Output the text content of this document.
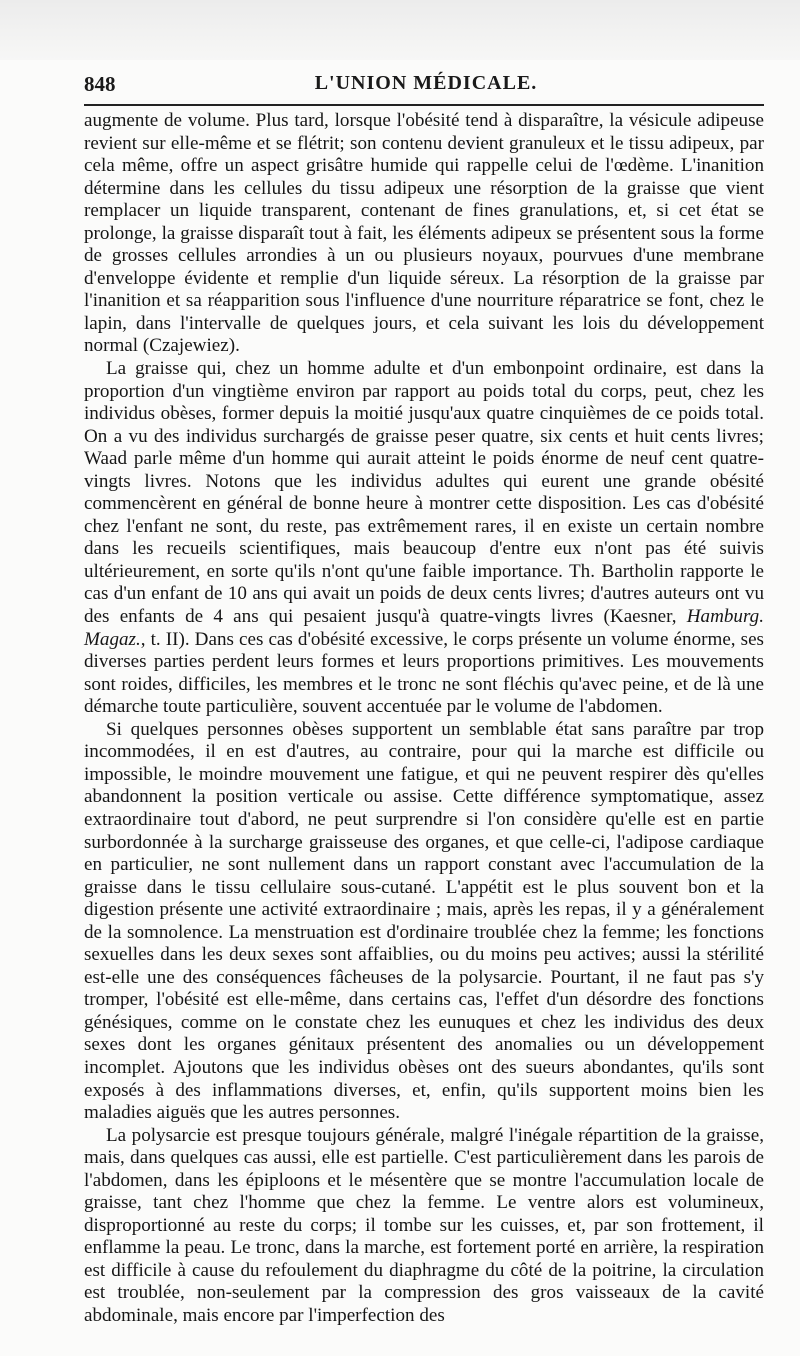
848	L'UNION MÉDICALE.

augmente de volume. Plus tard, lorsque l'obésité tend à disparaître, la vésicule adipeuse revient sur elle-même et se flétrit; son contenu devient granuleux et le tissu adipeux, par cela même, offre un aspect grisâtre humide qui rappelle celui de l'œdème. L'inanition détermine dans les cellules du tissu adipeux une résorption de la graisse que vient remplacer un liquide transparent, contenant de fines granulations, et, si cet état se prolonge, la graisse disparaît tout à fait, les éléments adipeux se présentent sous la forme de grosses cellules arrondies à un ou plusieurs noyaux, pourvues d'une membrane d'enveloppe évidente et remplie d'un liquide séreux. La résorption de la graisse par l'inanition et sa réapparition sous l'influence d'une nourriture réparatrice se font, chez le lapin, dans l'intervalle de quelques jours, et cela suivant les lois du développement normal (Czajewiez).

La graisse qui, chez un homme adulte et d'un embonpoint ordinaire, est dans la proportion d'un vingtième environ par rapport au poids total du corps, peut, chez les individus obèses, former depuis la moitié jusqu'aux quatre cinquièmes de ce poids total. On a vu des individus surchargés de graisse peser quatre, six cents et huit cents livres; Waad parle même d'un homme qui aurait atteint le poids énorme de neuf cent quatre-vingts livres. Notons que les individus adultes qui eurent une grande obésité commencèrent en général de bonne heure à montrer cette disposition. Les cas d'obésité chez l'enfant ne sont, du reste, pas extrêmement rares, il en existe un certain nombre dans les recueils scientifiques, mais beaucoup d'entre eux n'ont pas été suivis ultérieurement, en sorte qu'ils n'ont qu'une faible importance. Th. Bartholin rapporte le cas d'un enfant de 10 ans qui avait un poids de deux cents livres; d'autres auteurs ont vu des enfants de 4 ans qui pesaient jusqu'à quatre-vingts livres (Kaesner, Hamburg. Magaz., t. II). Dans ces cas d'obésité excessive, le corps présente un volume énorme, ses diverses parties perdent leurs formes et leurs proportions primitives. Les mouvements sont roides, difficiles, les membres et le tronc ne sont fléchis qu'avec peine, et de là une démarche toute particulière, souvent accentuée par le volume de l'abdomen.

Si quelques personnes obèses supportent un semblable état sans paraître par trop incommodées, il en est d'autres, au contraire, pour qui la marche est difficile ou impossible, le moindre mouvement une fatigue, et qui ne peuvent respirer dès qu'elles abandonnent la position verticale ou assise. Cette différence symptomatique, assez extraordinaire tout d'abord, ne peut surprendre si l'on considère qu'elle est en partie surbordonnée à la surcharge graisseuse des organes, et que celle-ci, l'adipose cardiaque en particulier, ne sont nullement dans un rapport constant avec l'accumulation de la graisse dans le tissu cellulaire sous-cutané. L'appétit est le plus souvent bon et la digestion présente une activité extraordinaire ; mais, après les repas, il y a généralement de la somnolence. La menstruation est d'ordinaire troublée chez la femme; les fonctions sexuelles dans les deux sexes sont affaiblies, ou du moins peu actives; aussi la stérilité est-elle une des conséquences fâcheuses de la polysarcie. Pourtant, il ne faut pas s'y tromper, l'obésité est elle-même, dans certains cas, l'effet d'un désordre des fonctions génésiques, comme on le constate chez les eunuques et chez les individus des deux sexes dont les organes génitaux présentent des anomalies ou un développement incomplet. Ajoutons que les individus obèses ont des sueurs abondantes, qu'ils sont exposés à des inflammations diverses, et, enfin, qu'ils supportent moins bien les maladies aiguës que les autres personnes.

La polysarcie est presque toujours générale, malgré l'inégale répartition de la graisse, mais, dans quelques cas aussi, elle est partielle. C'est particulièrement dans les parois de l'abdomen, dans les épiploons et le mésentère que se montre l'accumulation locale de graisse, tant chez l'homme que chez la femme. Le ventre alors est volumineux, disproportionné au reste du corps; il tombe sur les cuisses, et, par son frottement, il enflamme la peau. Le tronc, dans la marche, est fortement porté en arrière, la respiration est difficile à cause du refoulement du diaphragme du côté de la poitrine, la circulation est troublée, non-seulement par la compression des gros vaisseaux de la cavité abdominale, mais encore par l'imperfection des
